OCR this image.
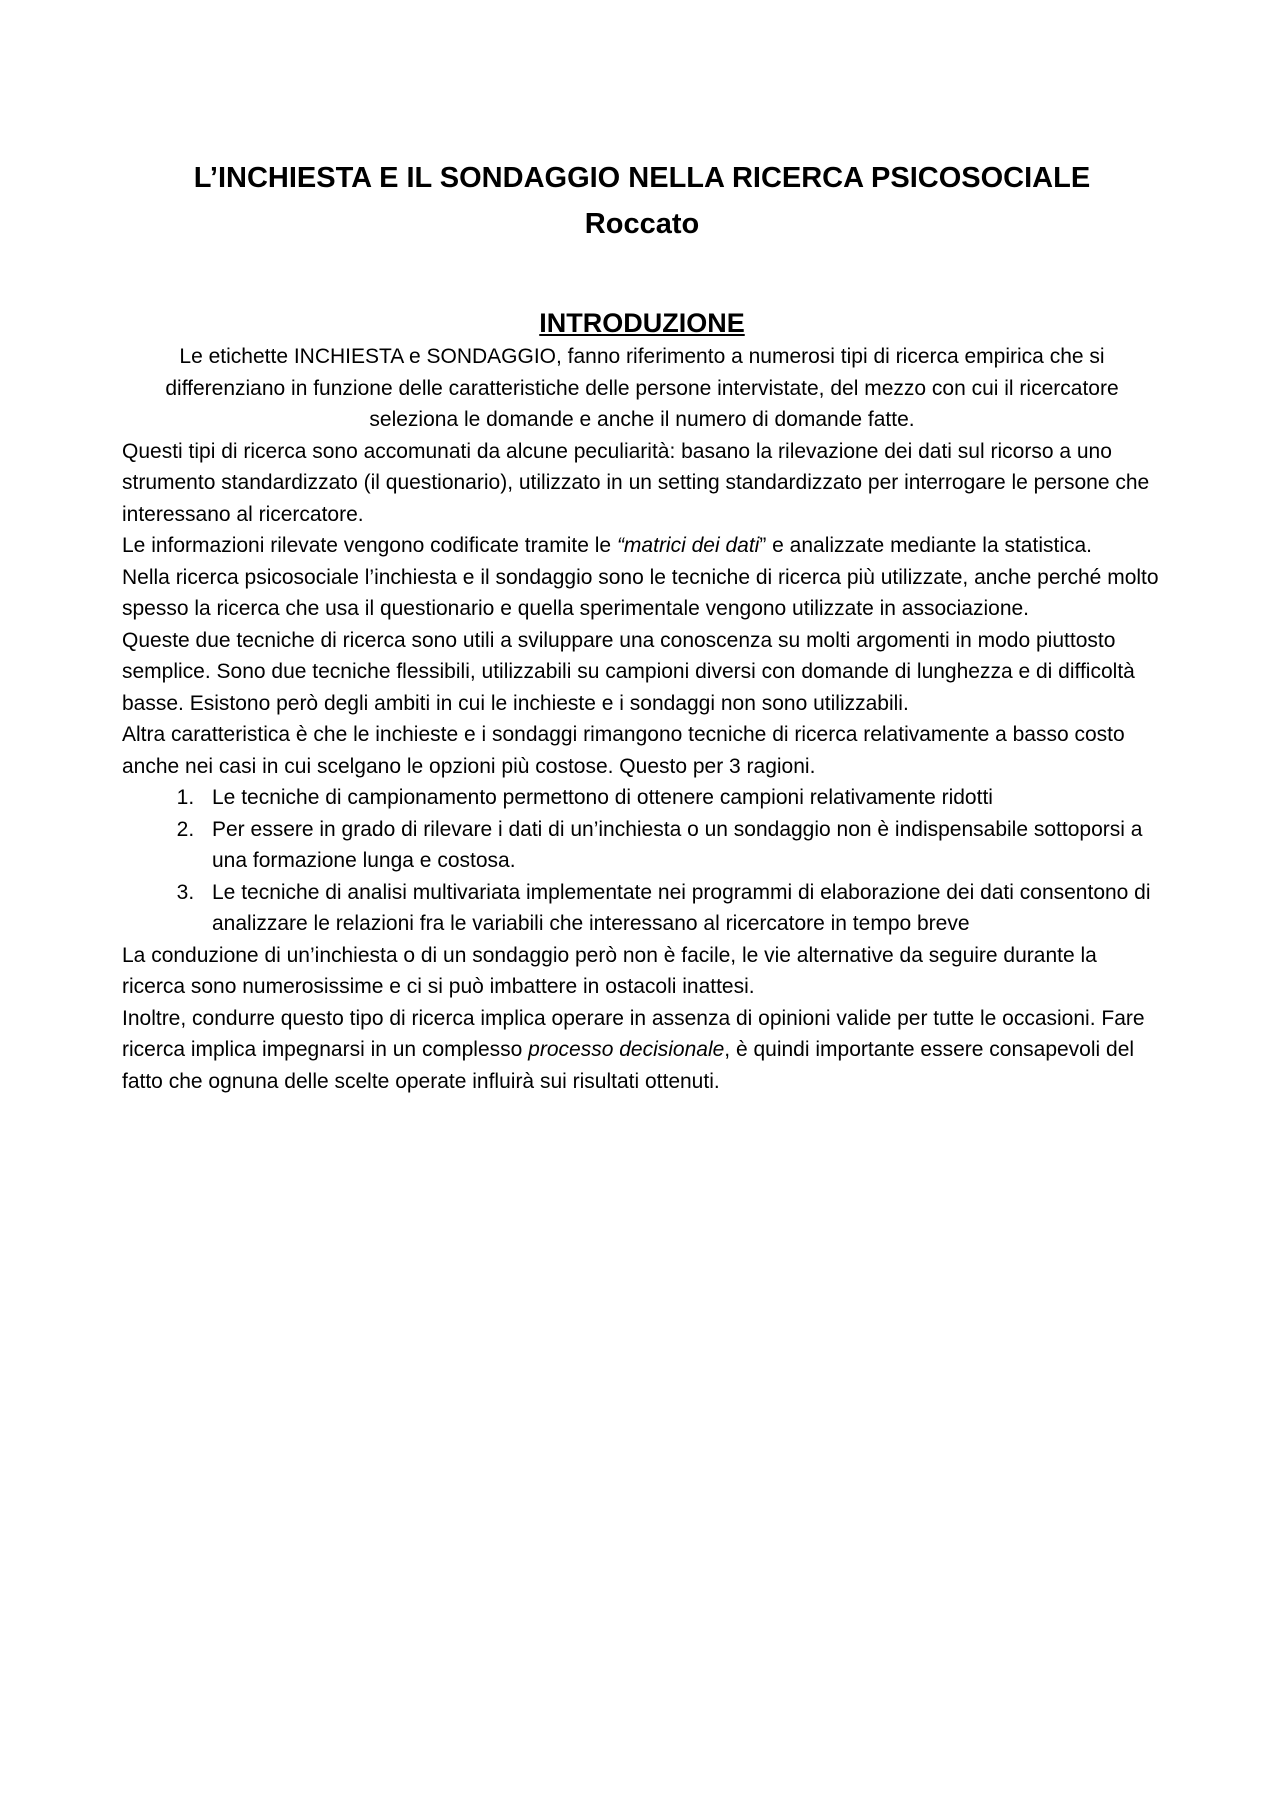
L’INCHIESTA E IL SONDAGGIO NELLA RICERCA PSICOSOCIALE
Roccato
INTRODUZIONE

Le etichette INCHIESTA e SONDAGGIO, fanno riferimento a numerosi tipi di ricerca empirica che si differenziano in funzione delle caratteristiche delle persone intervistate, del mezzo con cui il ricercatore seleziona le domande e anche il numero di domande fatte.

Questi tipi di ricerca sono accomunati da alcune peculiarità: basano la rilevazione dei dati sul ricorso a uno strumento standardizzato (il questionario), utilizzato in un setting standardizzato per interrogare le persone che interessano al ricercatore.

Le informazioni rilevate vengono codificate tramite le “matrici dei dati” e analizzate mediante la statistica.

Nella ricerca psicosociale l’inchiesta e il sondaggio sono le tecniche di ricerca più utilizzate, anche perché molto spesso la ricerca che usa il questionario e quella sperimentale vengono utilizzate in associazione.

Queste due tecniche di ricerca sono utili a sviluppare una conoscenza su molti argomenti in modo piuttosto semplice. Sono due tecniche flessibili, utilizzabili su campioni diversi con domande di lunghezza e di difficoltà basse. Esistono però degli ambiti in cui le inchieste e i sondaggi non sono utilizzabili.

Altra caratteristica è che le inchieste e i sondaggi rimangono tecniche di ricerca relativamente a basso costo anche nei casi in cui scelgano le opzioni più costose. Questo per 3 ragioni.

1. Le tecniche di campionamento permettono di ottenere campioni relativamente ridotti
2. Per essere in grado di rilevare i dati di un’inchiesta o un sondaggio non è indispensabile sottoporsi a una formazione lunga e costosa.
3. Le tecniche di analisi multivariata implementate nei programmi di elaborazione dei dati consentono di analizzare le relazioni fra le variabili che interessano al ricercatore in tempo breve

La conduzione di un’inchiesta o di un sondaggio però non è facile, le vie alternative da seguire durante la ricerca sono numerosissime e ci si può imbattere in ostacoli inattesi.

Inoltre, condurre questo tipo di ricerca implica operare in assenza di opinioni valide per tutte le occasioni. Fare ricerca implica impegnarsi in un complesso processo decisionale, è quindi importante essere consapevoli del fatto che ognuna delle scelte operate influirà sui risultati ottenuti.
